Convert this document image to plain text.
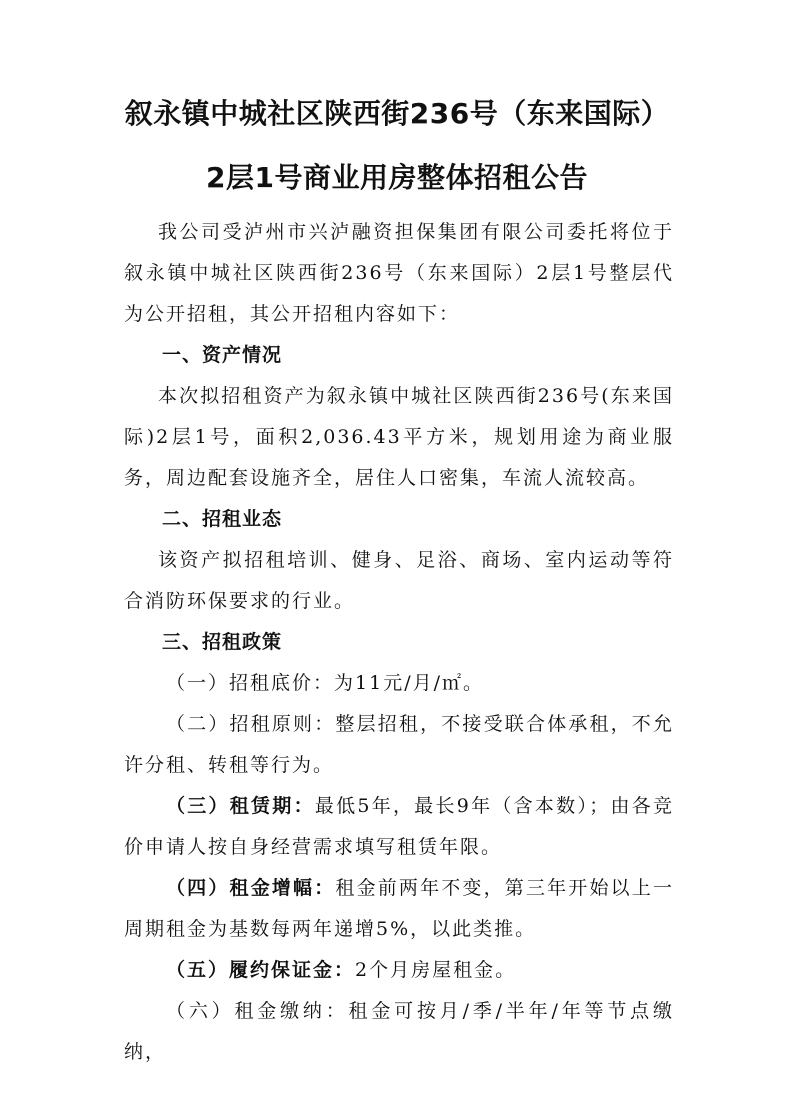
叙永镇中城社区陕西街236号（东来国际）
2层1号商业用房整体招租公告

我公司受泸州市兴泸融资担保集团有限公司委托将位于叙永镇中城社区陕西街236号（东来国际）2层1号整层代为公开招租，其公开招租内容如下：

一、资产情况

本次拟招租资产为叙永镇中城社区陕西街236号(东来国际)2层1号，面积2,036.43平方米，规划用途为商业服务，周边配套设施齐全，居住人口密集，车流人流较高。

二、招租业态

该资产拟招租培训、健身、足浴、商场、室内运动等符合消防环保要求的行业。

三、招租政策

（一）招租底价：为11元/月/㎡。

（二）招租原则：整层招租，不接受联合体承租，不允许分租、转租等行为。

（三）租赁期：最低5年，最长9年（含本数）；由各竞价申请人按自身经营需求填写租赁年限。

（四）租金增幅：租金前两年不变，第三年开始以上一周期租金为基数每两年递增5%，以此类推。

（五）履约保证金：2个月房屋租金。

（六）租金缴纳：租金可按月/季/半年/年等节点缴纳，
